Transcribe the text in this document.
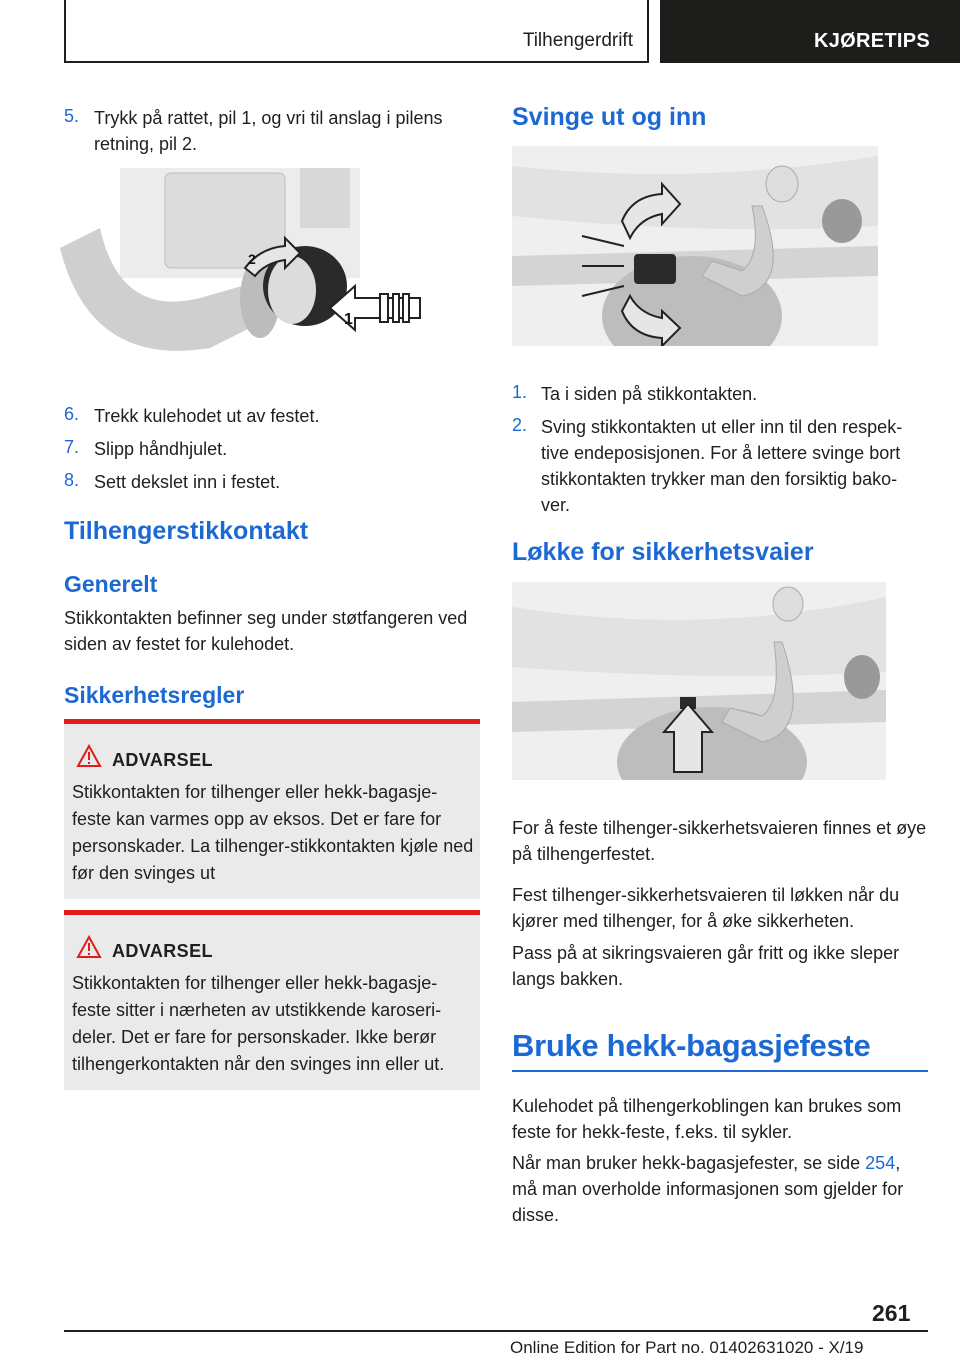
Tilhengerdrift	KJØRETIPS
5. Trykk på rattet, pil 1, og vri til anslag i pilens retning, pil 2.
1
2
6. Trekk kulehodet ut av festet.
7. Slipp håndhjulet.
8. Sett dekslet inn i festet.
Tilhengerstikkontakt
Generelt
Stikkontakten befinner seg under støtfangeren ved siden av festet for kulehodet.
Sikkerhetsregler
ADVARSEL
Stikkontakten for tilhenger eller hekk-bagasje-feste kan varmes opp av eksos. Det er fare for personskader. La tilhenger-stikkontakten kjøle ned før den svinges ut
ADVARSEL
Stikkontakten for tilhenger eller hekk-bagasje-feste sitter i nærheten av utstikkende karoseri-deler. Det er fare for personskader. Ikke berør tilhengerkontakten når den svinges inn eller ut.
Svinge ut og inn
1. Ta i siden på stikkontakten.
2. Sving stikkontakten ut eller inn til den respek-tive endeposisjonen. For å lettere svinge bort stikkontakten trykker man den forsiktig bako-ver.
Løkke for sikkerhetsvaier
For å feste tilhenger-sikkerhetsvaieren finnes et øye på tilhengerfestet.
Fest tilhenger-sikkerhetsvaieren til løkken når du kjører med tilhenger, for å øke sikkerheten.
Pass på at sikringsvaieren går fritt og ikke sleper langs bakken.
Bruke hekk-bagasjefeste
Kulehodet på tilhengerkoblingen kan brukes som feste for hekk-feste, f.eks. til sykler.
Når man bruker hekk-bagasjefester, se side 254, må man overholde informasjonen som gjelder for disse.
261
Online Edition for Part no. 01402631020 - X/19
